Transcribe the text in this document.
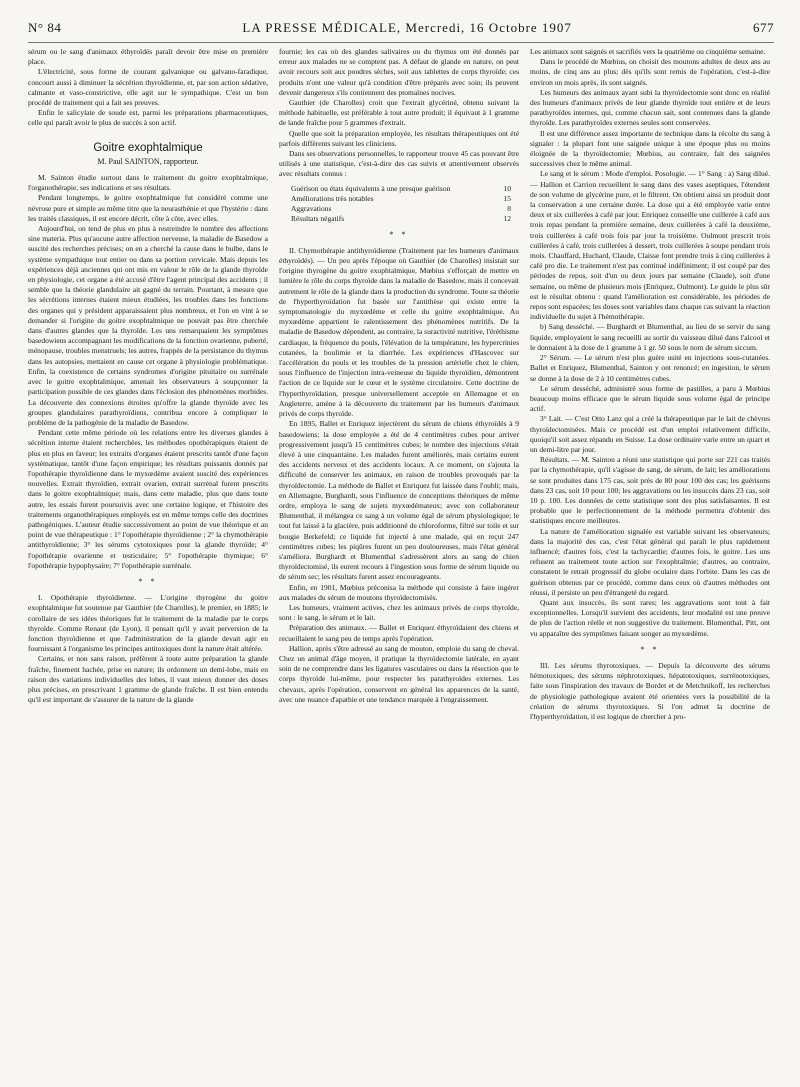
N° 84	LA PRESSE MÉDICALE, Mercredi, 16 Octobre 1907	677

sérum ou le sang d'animaux éthyroïdés paraît devoir être mise en première place.

L'électricité, sous forme de courant galvanique ou galvano-faradique, concourt aussi à diminuer la sécrétion thyroïdienne, et, par son action sédative, calmante et vaso-constrictive, elle agit sur le sympathique. C'est un bon procédé de traitement qui a fait ses preuves.

Enfin le salicylate de soude est, parmi les préparations pharmaceutiques, celle qui paraît avoir le plus de succès à son actif.

Goitre exophtalmique
M. Paul SAINTON, rapporteur.

M. Sainton étudie surtout dans le traitement du goitre exophtalmique, l'organothérapie, ses indications et ses résultats.

Pendant longtemps, le goitre exophtalmique fut considéré comme une névrose pure et simple au même titre que la neurasthénie et que l'hystérie : dans les traités classiques, il est encore décrit, côte à côte, avec elles.

Aujourd'hui, on tend de plus en plus à restreindre le nombre des affections sine materia. Plus qu'aucune autre affection nerveuse, la maladie de Basedow a suscité des recherches précises; on en a cherché la cause dans le bulbe, dans le système sympathique tout entier ou dans sa portion cervicale. Mais depuis les expériences déjà anciennes qui ont mis en valeur le rôle de la glande thyroïde en physiologie, cet organe a été accusé d'être l'agent principal des accidents ; il semble que la théorie glandulaire ait gagné du terrain. Pourtant, à mesure que les sécrétions internes étaient mieux étudiées, les troubles dans les fonctions des organes qui y président apparaissaient plus nombreux, et l'on en vint à se demander si l'origine du goitre exophtalmique ne pouvait pas être cherchée dans d'autres glandes que la thyroïde. Les uns remarquaient les symptômes basedowiens accompagnant les modifications de la fonction ovarienne, puberté, ménopause, troubles menstruels; les autres, frappés de la persistance du thymus dans les autopsies, mettaient en cause cet organe à physiologie problématique. Enfin, la coexistence de certains syndromes d'origine pituitaire ou surrénale avec le goitre exophtalmique, amenait les observateurs à soupçonner la participation possible de ces glandes dans l'éclosion des phénomènes morbides. La découverte des connexions étroites qu'offre la glande thyroïde avec les groupes glandulaires parathyroïdiens, contribua encore à compliquer le problème de la pathogénie de la maladie de Basedow.

Pendant cette même période où les relations entre les diverses glandes à sécrétion interne étaient recherchées, les méthodes opothérapiques étaient de plus en plus en faveur; les extraits d'organes étaient prescrits tantôt d'une façon systématique, tantôt d'une façon empirique; les résultats puissants donnés par l'opothérapie thyroïdienne dans le myxœdème avaient suscité des expériences nouvelles. Extrait thyroïdien, extrait ovarien, extrait surrénal furent prescrits dans le goitre exophtalmique; mais, dans cette maladie, plus que dans toute autre, les essais furent poursuivis avec une certaine logique, et l'histoire des traitements organothérapiques employés est en même temps celle des doctrines pathogéniques. L'auteur étudie successivement au point de vue théorique et au point de vue thérapeutique : 1° l'opothérapie thyroïdienne ; 2° la chymothérapie antithyroïdienne; 3° les sérums cytotoxiques pour la glande thyroïde; 4° l'opothérapie ovarienne et testiculaire; 5° l'opothérapie thymique; 6° l'opothérapie hypophysaire; 7° l'opothérapie surrénale.

* *

I. Opothérapie thyroïdienne. — L'origine thyrogène du goitre exophtalmique fut soutenue par Gauthier (de Charolles), le premier, en 1885; le corollaire de ses idées théoriques fut le traitement de la maladie par le corps thyroïde. Comme Renaut (de Lyon), il pensait qu'il y avait perversion de la fonction thyroïdienne et que l'administration de la glande devait agir en fournissant à l'organisme les principes antitoxiques dont la nature était altérée.

Certains, et non sans raison, préfèrent à toute autre préparation la glande fraîche, finement hachée, prise en nature; ils ordonnent un demi-lobe, mais en raison des variations individuelles des lobes, il vaut mieux donner des doses plus précises, en prescrivant 1 gramme de glande fraîche. Il est bien entendu qu'il est important de s'assurer de la nature de la glande

fournie; les cas où des glandes salivaires ou du thymus ont été donnés par erreur aux malades ne se comptent pas. A défaut de glande en nature, on peut avoir recours soit aux poudres sèches, soit aux tablettes de corps thyroïde; ces produits n'ont une valeur qu'à condition d'être préparés avec soin; ils peuvent devenir dangereux s'ils contiennent des ptomaïnes nocives.

Gauthier (de Charolles) croit que l'extrait glycériné, obtenu suivant la méthode habituelle, est préférable à tout autre produit; il équivaut à 1 gramme de lande fraîche pour 5 grammes d'extrait.

Quelle que soit la préparation employée, les résultats thérapeutiques ont été parfois différents suivant les cliniciens.

Dans ses observations personnelles, le rapporteur trouve 45 cas pouvant être utilisés à une statistique, c'est-à-dire des cas suivis et attentivement observés avec résultats connus :

Guérison ou états équivalents à une presque guérison	10
Améliorations très notables	15
Aggravations	8
Résultats négatifs	12
* *

II. Chymothérapie antithyroïdienne (Traitement par les humeurs d'animaux éthyroïdés). — Un peu après l'époque où Gauthier (de Charolles) insistait sur l'origine thyrogène du goitre exophtalmique, Mœbius s'efforçait de mettre en lumière le rôle du corps thyroïde dans la maladie de Basedow, mais il concevait autrement le rôle de la glande dans la production du syndrome. Toute sa théorie de l'hyperthyroïdation fut basée sur l'antithèse qui existe entre la symptomatologie du myxœdème et celle du goitre exophtalmique. Au myxœdème appartient le ralentissement des phénomènes nutritifs. De la maladie de Basedow dépendent, au contraire, la suractivité nutritive, l'éréthisme cardiaque, la fréquence du pouls, l'élévation de la température, les hypercrinies cutanées, la boulimie et la diarrhée. Les expériences d'Hascovec sur l'accélération du pouls et les troubles de la pression artérielle chez le chien, sous l'influence de l'injection intra-veineuse du liquide thyroïdien, démontrent l'action de ce liquide sur le cœur et le système circulatoire. Cette doctrine de l'hyperthyroïdation, presque universellement acceptée en Allemagne et en Angleterre, amène à la découverte du traitement par les humeurs d'animaux privés de corps thyroïde.

En 1895, Ballet et Enriquez injectèrent du sérum de chiens éthyroïdés à 9 basedowiens; la dose employée a été de 4 centimètres cubes pour arriver progressivement jusqu'à 15 centimètres cubes; le nombre des injections s'était élevé à une cinquantaine. Les malades furent améliorés, mais certains eurent des accidents nerveux et des accidents locaux. A ce moment, on s'ajouta la difficulté de conserver les animaux, en raison de troubles provoqués par la thyroïdectomie. La méthode de Ballet et Enriquez fut laissée dans l'oubli; mais, en Allemagne, Burghardt, sous l'influence de conceptions théoriques de même ordre, employa le sang de sujets myxœdémateux; avec son collaborateur Blumenthal, il mélangea ce sang à un volume égal de sérum physiologique; le tout fut laissé à la glacière, puis additionné de chloroforme, filtré sur toile et sur bougie Berkefeld; ce liquide fut injecté à une malade, qui en reçut 247 centimètres cubes; les piqûres furent un peu douloureuses, mais l'état général s'améliora. Burghardt et Blumenthal s'adressèrent alors au sang de chien thyroïdectomisé, ils eurent recours à l'ingestion sous forme de sérum liquide ou de sérum sec; les résultats furent assez encourageants.

Enfin, en 1901, Mœbius préconisa la méthode qui consiste à faire ingérer aux malades du sérum de moutons thyroïdectomisés.

Les humeurs, vraiment actives, chez les animaux privés de corps thyroïde, sont : le sang, le sérum et le lait.

Préparation des animaux. — Ballet et Enriquez éthyroïdaient des chiens et recueillaient le sang peu de temps après l'opération.

Hallion, après s'être adressé au sang de mouton, emploie du sang de cheval. Chez un animal d'âge moyen, il pratique la thyroïdectomie latérale, en ayant soin de ne comprendre dans les ligatures vasculaires ou dans la résection que le corps thyroïde lui-même, pour respecter les parathyroïdes externes. Les chevaux, après l'opération, conservent en général les apparences de la santé, avec une nuance d'apathie et une tendance marquée à l'engraissement.

Les animaux sont saignés et sacrifiés vers la quatrième ou cinquième semaine.

Dans le procédé de Mœbius, on choisit des moutons adultes de deux ans au moins, de cinq ans au plus; dès qu'ils sont remis de l'opération, c'est-à-dire environ un mois après, ils sont saignés.

Les humeurs des animaux ayant subi la thyroïdectomie sont donc en réalité des humeurs d'animaux privés de leur glande thyroïde tout entière et de leurs parathyroïdes internes, qui, comme chacun sait, sont contenues dans la glande thyroïde. Les parathyroïdes externes seules sont conservées.

Il est une différence assez importante de technique dans la récolte du sang à signaler : la plupart font une saignée unique à une époque plus ou moins éloignée de la thyroïdectomie; Mœbius, au contraire, fait des saignées successives chez le même animal.

Le sang et le sérum : Mode d'emploi. Posologie. — 1° Sang : a) Sang dilué. — Hallion et Carrion recueillent le sang dans des vases aseptiques, l'étendent de son volume de glycérine pure, et le filtrent. On obtient ainsi un produit dont la conservation a une certaine durée. La dose qui a été employée varie entre deux et six cuillerées à café par jour. Enriquez conseille une cuillerée à café aux trois repas pendant la première semaine, deux cuillerées à café la deuxième, trois cuillerées à café trois fois par jour la troisième. Oulmont prescrit trois cuillerées à café, trois cuillerées à dessert, trois cuillerées à soupe pendant trois mois. Chauffard, Huchard, Claude, Claisse font prendre trois à cinq cuillerées à café pro die. Le traitement n'est pas continué indéfiniment; il est coupé par des périodes de repos, soit d'un ou deux jours par semaine (Claude), soit d'une semaine, ou même de plusieurs mois (Enriquez, Oulmont). Le guide le plus sûr est le résultat obtenu : quand l'amélioration est considérable, les périodes de repos sont espacées; les doses sont variables dans chaque cas suivant la réaction individuelle du sujet à l'hémothérapie.

b) Sang desséché. — Burghardt et Blumenthal, au lieu de se servir du sang liquide, employaient le sang recueilli au sortir du vaisseau dilué dans l'alcool et le donnaient à la dose de 1 gramme à 1 gr. 50 sous le nom de sérum siccum.

2° Sérum. — Le sérum n'est plus guère usité en injections sous-cutanées. Ballet et Enriquez, Blumenthal, Sainton y ont renoncé; en ingestion, le sérum se donne à la dose de 2 à 10 centimètres cubes.

Le sérum desséché, administré sous forme de pastilles, a paru à Mœbius beaucoup moins efficace que le sérum liquide sous volume égal de principe actif.

3° Lait. — C'est Otto Lanz qui a créé la thérapeutique par le lait de chèvres thyroïdectomisées. Mais ce procédé est d'un emploi relativement difficile, quoiqu'il soit assez répandu en Suisse. La dose ordinaire varie entre un quart et un demi-litre par jour.

Résultats. — M. Sainton a réuni une statistique qui porte sur 221 cas traités par la chymothérapie, qu'il s'agisse de sang, de sérum, de lait; les améliorations se sont produites dans 175 cas, soit près de 80 pour 100 des cas; les guérisons dans 23 cas, soit 10 pour 100; les aggravations ou les insuccès dans 23 cas, soit 10 p. 100. Les données de cette statistique sont des plus satisfaisantes. Il est probable que le perfectionnement de la méthode permettra d'obtenir des statistiques encore meilleures.

La nature de l'amélioration signalée est variable suivant les observateurs; dans la majorité des cas, c'est l'état général qui paraît le plus rapidement influencé; d'autres fois, c'est la tachycardie; d'autres fois, le goitre. Les uns refusent au traitement toute action sur l'exophtalmie; d'autres, au contraire, constatent le retrait progressif du globe oculaire dans l'orbite. Dans les cas de guérison obtenus par ce procédé, comme dans ceux où d'autres méthodes ont réussi, il persiste un peu d'étrangeté du regard.

Quant aux insuccès, ils sont rares; les aggravations sont tout à fait exceptionnelles. Lorsqu'il survient des accidents, leur modalité est une preuve de plus de l'action réelle et non suggestive du traitement. Blumenthal, Pitt, ont vu apparaître des symptômes faisant songer au myxœdème.

* *

III. Les sérums thyrotoxiques. — Depuis la découverte des sérums hémotoxiques, des sérums néphrotoxiques, hépatotoxiques, surrénotoxiques, faite sous l'inspiration des travaux de Bordet et de Metchnikoff, les recherches de physiologie pathologique avaient été orientées vers la possibilité de la création de sérums thyrotoxiques. Si l'on admet la doctrine de l'hyperthyroïdation, il est logique de chercher à pro-
